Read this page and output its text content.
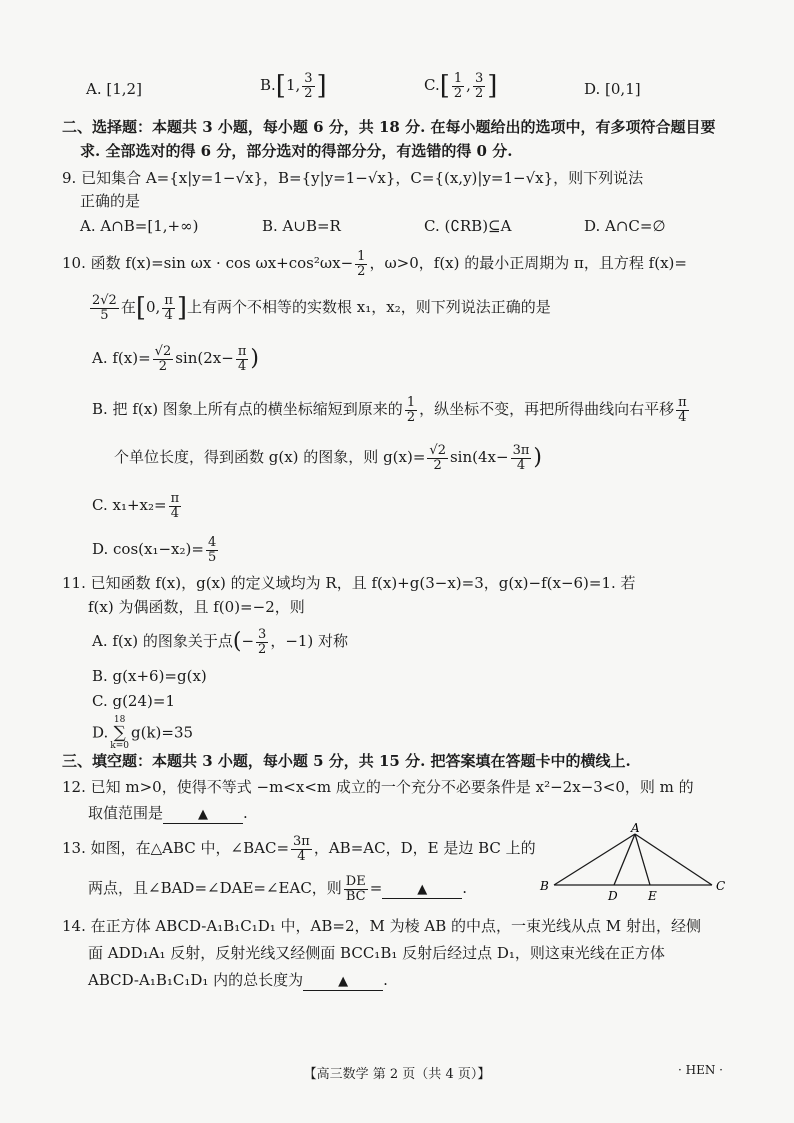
A. [1,2]	B.[1, $\frac{3}{2}$ ]	$C.[ \frac{1}{2}$ , $\frac{3}{2}$ ]	D. [0,1]
二、选择题：本题共 3 小题，每小题 6 分，共 18 分. 在每小题给出的选项中，有多项符合题目要
求. 全部选对的得 6 分，部分选对的得部分分，有选错的得 0 分.
9. 已知集合 A={x|y=1−√x}，B={y|y=1−√x}，C={(x,y)|y=1−√x}，则下列说法
正确的是
A. A∩B=[1,+∞)	B. A∪B=R	C. (∁RB)⊆A	D. A∩C=∅
10. 函数 f(x)=sin $\omega x \cdot \cos \omega x+\cos^2\omega x- \frac{1}{2}$ ，ω>0，f(x) 的最小正周期为 π，且方程 f(x)=
$\frac{2√2}{5}$ 在[0, $\frac{\pi}{4}$ ]上有两个不相等的实数根 x₁，x₂，则下列说法正确的是
A. $f(x)= \frac{√2}{2} \sin(2x- \frac{\pi}{4}$ )
B. 把 f(x) 图象上所有点的横坐标缩短到原来的 $\frac{1}{2}$ ，纵坐标不变，再把所得曲线向右平移 $\frac{\pi}{4}$
个单位长度，得到函数 g(x) 的图象，则 $g(x)= \frac{√2}{2} \sin(4x- \frac{3\pi}{4}$ )
C. $x_1+x_2= \frac{\pi}{4}$
D. $\cos(x_1-x_2)= \frac{4}{5}$
11. 已知函数 f(x)，g(x) 的定义域均为 R，且 f(x)+g(3−x)=3，g(x)−f(x−6)=1. 若
f(x) 为偶函数，且 f(0)=−2，则
A. f(x) 的图象关于点(− $\frac{3}{2}$ ，−1) 对称
B. g(x+6)=g(x)
C. g(24)=1
D.
18
∑
k=0
g(k)=35
三、填空题：本题共 3 小题，每小题 5 分，共 15 分. 把答案填在答题卡中的横线上.
12. 已知 m>0，使得不等式 −m<x<m 成立的一个充分不必要条件是 x²−2x−3<0，则 m 的
取值范围是	▲ .
13. 如图，在△ABC 中，∠BAC= $\frac{3\pi}{4}$ ，AB=AC，D，E 是边 BC 上的
两点，且∠BAD=∠DAE=∠EAC，则 $\frac{DE}{BC}$ =	▲ .
A
B	C
D	E
14. 在正方体 ABCD-A₁B₁C₁D₁ 中，AB=2，M 为棱 AB 的中点，一束光线从点 M 射出，经侧
面 ADD₁A₁ 反射，反射光线又经侧面 BCC₁B₁ 反射后经过点 D₁，则这束光线在正方体
ABCD-A₁B₁C₁D₁ 内的总长度为	▲ .
【高三数学 第 2 页（共 4 页）】	· HEN ·
